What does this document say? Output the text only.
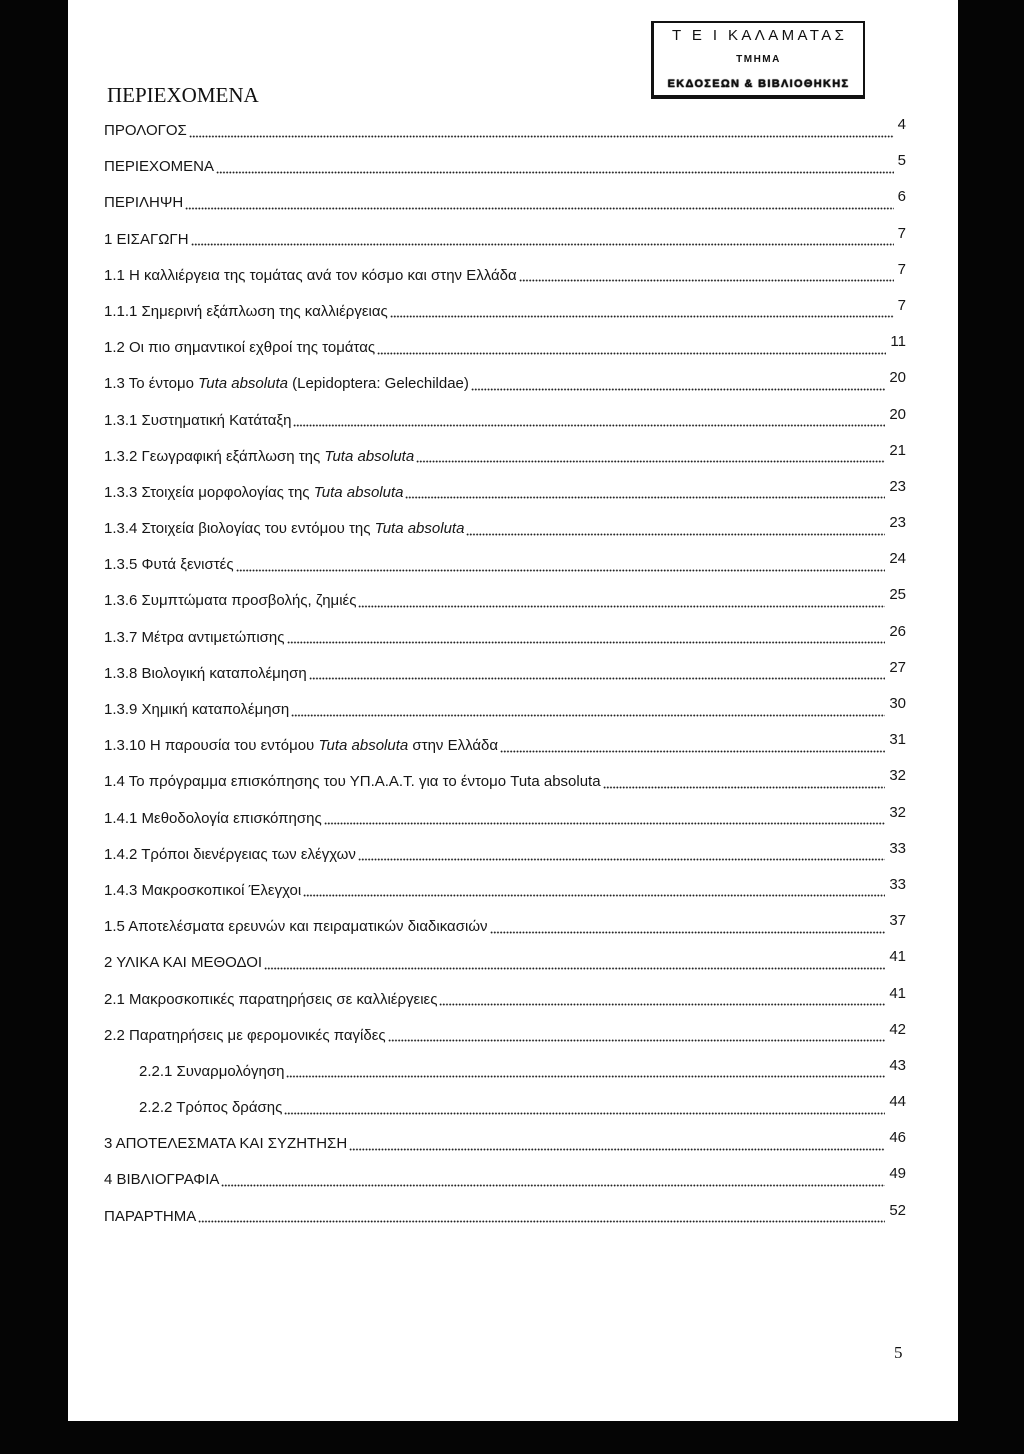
ΠΕΡΙΕΧΟΜΕΝΑ
Τ Ε Ι ΚΑΛΑΜΑΤΑΣ
ΤΜΗΜΑ
ΕΚΔΟΣΕΩΝ & ΒΙΒΛΙΟΘΗΚΗΣ
ΠΡΟΛΟΓΟΣ	4
ΠΕΡΙΕΧΟΜΕΝΑ	5
ΠΕΡΙΛΗΨΗ	6
1 ΕΙΣΑΓΩΓΗ	7
1.1 Η καλλιέργεια της τομάτας ανά τον κόσμο και στην Ελλάδα	7
1.1.1 Σημερινή εξάπλωση της καλλιέργειας	7
1.2 Οι πιο σημαντικοί εχθροί της τομάτας	11
1.3 Το έντομο Tuta absoluta (Lepidoptera: Gelechildae)	20
1.3.1 Συστηματική Κατάταξη	20
1.3.2 Γεωγραφική εξάπλωση της Tuta absoluta	21
1.3.3 Στοιχεία μορφολογίας της Tuta absoluta	23
1.3.4 Στοιχεία βιολογίας του εντόμου της Tuta absoluta	23
1.3.5 Φυτά ξενιστές	24
1.3.6 Συμπτώματα προσβολής, ζημιές	25
1.3.7 Μέτρα αντιμετώπισης	26
1.3.8 Βιολογική καταπολέμηση	27
1.3.9 Χημική καταπολέμηση	30
1.3.10 Η παρουσία του εντόμου Tuta absoluta στην Ελλάδα	31
1.4 Το πρόγραμμα επισκόπησης του ΥΠ.Α.Α.Τ. για το έντομο Tuta absoluta	32
1.4.1 Μεθοδολογία επισκόπησης	32
1.4.2 Τρόποι διενέργειας των ελέγχων	33
1.4.3 Μακροσκοπικοί Έλεγχοι	33
1.5 Αποτελέσματα ερευνών και πειραματικών διαδικασιών	37
2 ΥΛΙΚΑ ΚΑΙ ΜΕΘΟΔΟΙ	41
2.1 Μακροσκοπικές παρατηρήσεις σε καλλιέργειες	41
2.2 Παρατηρήσεις με φερομονικές παγίδες	42
2.2.1 Συναρμολόγηση	43
2.2.2 Τρόπος δράσης	44
3 ΑΠΟΤΕΛΕΣΜΑΤΑ ΚΑΙ ΣΥΖΗΤΗΣΗ	46
4 ΒΙΒΛΙΟΓΡΑΦΙΑ	49
ΠΑΡΑΡΤΗΜΑ	52
5
